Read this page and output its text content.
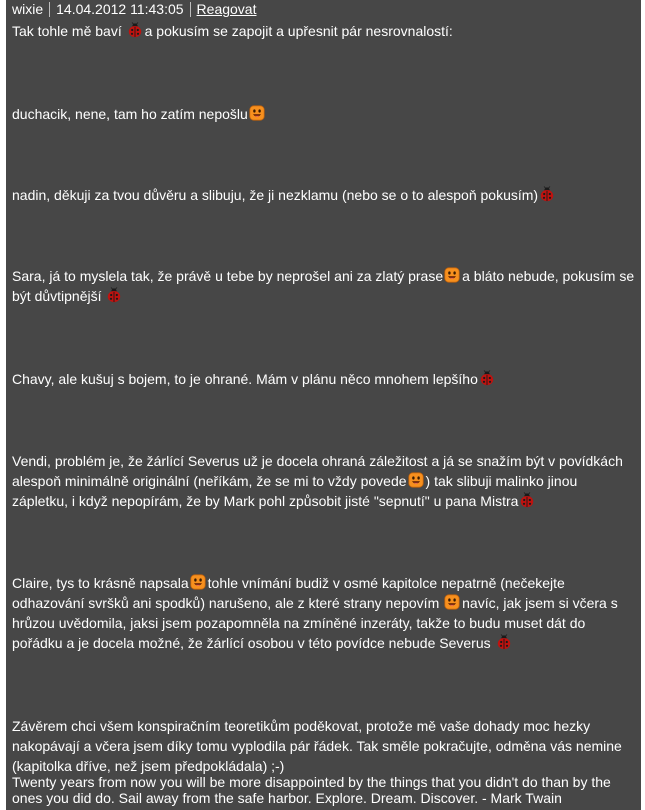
wixie 14.04.2012 11:43:05 Reagovat
Tak tohle mě baví a pokusím se zapojit a upřesnit pár nesrovnalostí:
duchacik, nene, tam ho zatím nepošlu
nadin, děkuji za tvou důvěru a slibuju, že ji nezklamu (nebo se o to alespoň pokusím)
Sara, já to myslela tak, že právě u tebe by neprošel ani za zlatý prase a bláto nebude, pokusím se být důvtipnější
Chavy, ale kušuj s bojem, to je ohrané. Mám v plánu něco mnohem lepšího
Vendi, problém je, že žárlící Severus už je docela ohraná záležitost a já se snažím být v povídkách alespoň minimálně originální (neříkám, že se mi to vždy povede ) tak slibuji malinko jinou zápletku, i když nepopírám, že by Mark pohl způsobit jisté "sepnutí" u pana Mistra
Claire, tys to krásně napsala tohle vnímání budiž v osmé kapitolce nepatrně (nečekejte odhazování svršků ani spodků) narušeno, ale z které strany nepovím navíc, jak jsem si včera s hrůzou uvědomila, jaksi jsem pozapomněla na zmíněné inzeráty, takže to budu muset dát do pořádku a je docela možné, že žárlící osobou v této povídce nebude Severus
Závěrem chci všem konspiračním teoretikům poděkovat, protože mě vaše dohady moc hezky nakopávají a včera jsem díky tomu vyplodila pár řádek. Tak směle pokračujte, odměna vás nemine (kapitolka dříve, než jsem předpokládala) ;-)
Twenty years from now you will be more disappointed by the things that you didn't do than by the ones you did do. Sail away from the safe harbor. Explore. Dream. Discover. - Mark Twain
